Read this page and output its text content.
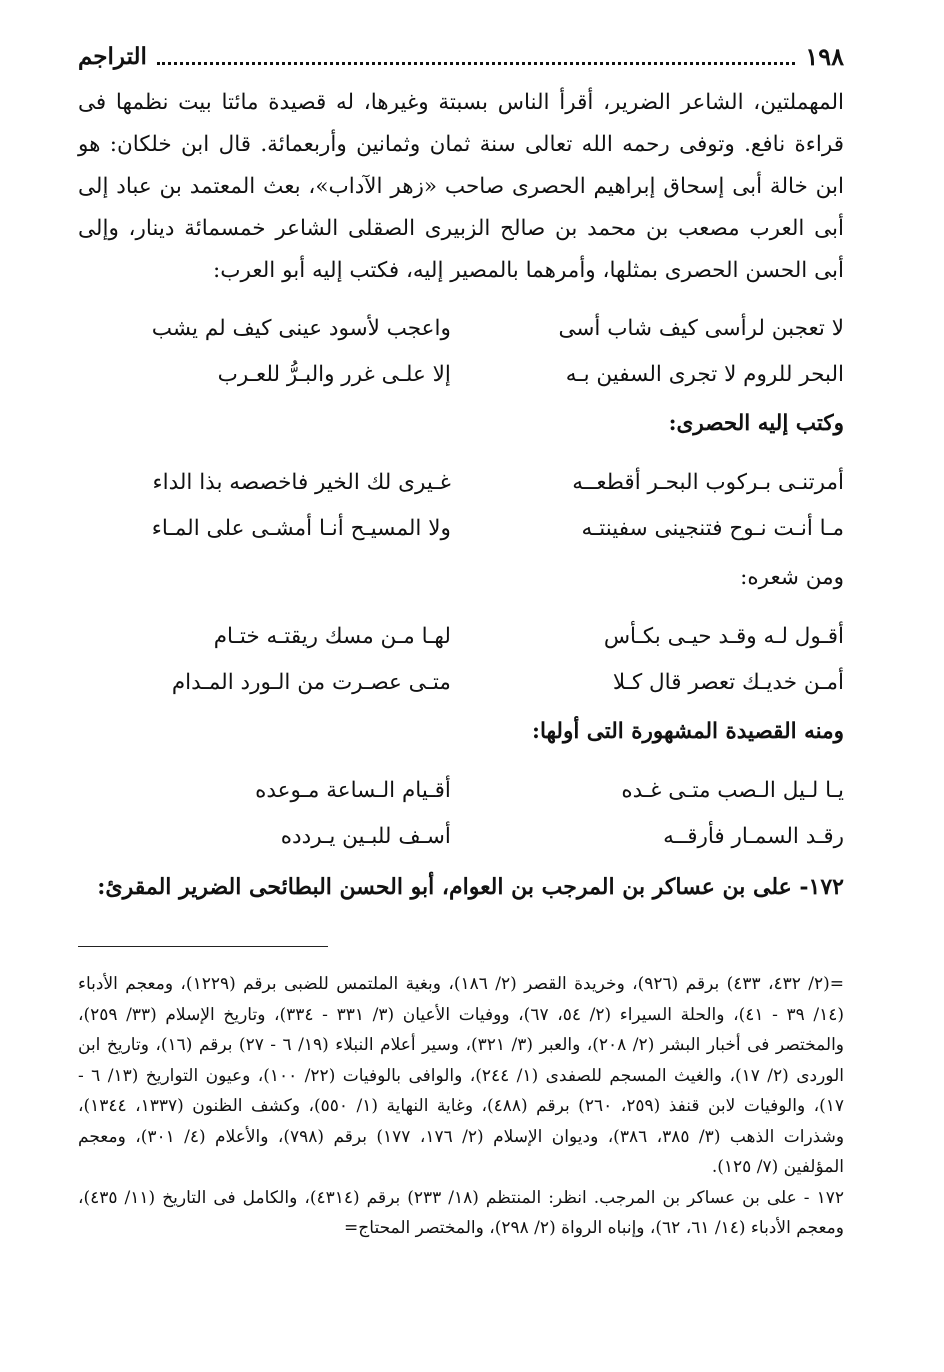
١٩٨
التراجم

المهملتين، الشاعر الضرير، أقرأ الناس بسبتة وغيرها، له قصيدة مائتا بيت نظمها فى قراءة نافع. وتوفى رحمه الله تعالى سنة ثمان وثمانين وأربعمائة. قال ابن خلكان: هو ابن خالة أبى إسحاق إبراهيم الحصرى صاحب «زهر الآداب»، بعث المعتمد بن عباد إلى أبى العرب مصعب بن محمد بن صالح الزبيرى الصقلى الشاعر خمسمائة دينار، وإلى أبى الحسن الحصرى بمثلها، وأمرهما بالمصير إليه، فكتب إليه أبو العرب:

لا تعجبن لرأسى كيف شاب أسى
واعجب لأسود عينى كيف لم يشب
البحر للروم لا تجرى السفين بـه
إلا علـى غرر والبـرُّ للعـرب
وكتب إليه الحصرى:
أمرتنـى بـركوب البحـر أقطعــه
غـيرى لك الخير فاخصصه بذا الداء
مـا أنـت نـوح فتنجينى سفينتـه
ولا المسيـح أنـا أمشـى على المـاء
ومن شعره:
أقـول لـه وقـد حيـى بكـأس
لهـا مـن مسك ريقتـه ختـام
أمـن خديـك تعصر قال كـلا
متـى عصـرت من الـورد المـدام
ومنه القصيدة المشهورة التى أولها:
يـا لـيل الـصب متـى غـده
أقـيام الـساعة مـوعده
رقـد السمـار فأرقــه
أسـف للبـين يـردده
١٧٢- على بن عساكر بن المرجب بن العوام، أبو الحسن البطائحى الضرير المقرئ:

=(٢/ ٤٣٢، ٤٣٣) برقم (٩٢٦)، وخريدة القصر (٢/ ١٨٦)، وبغية الملتمس للضبى برقم (١٢٢٩)، ومعجم الأدباء (١٤/ ٣٩ - ٤١)، والحلة السيراء (٢/ ٥٤، ٦٧)، ووفيات الأعيان (٣/ ٣٣١ - ٣٣٤)، وتاريخ الإسلام (٣٣/ ٢٥٩)، والمختصر فى أخبار البشر (٢/ ٢٠٨)، والعبر (٣/ ٣٢١)، وسير أعلام النبلاء (١٩/ ٦ - ٢٧) برقم (١٦)، وتاريخ ابن الوردى (٢/ ١٧)، والغيث المسجم للصفدى (١/ ٢٤٤)، والوافى بالوفيات (٢٢/ ١٠٠)، وعيون التواريخ (١٣/ ٦ - ١٧)، والوفيات لابن قنفذ (٢٥٩، ٢٦٠) برقم (٤٨٨)، وغاية النهاية (١/ ٥٥٠)، وكشف الظنون (١٣٣٧، ١٣٤٤)، وشذرات الذهب (٣/ ٣٨٥، ٣٨٦)، وديوان الإسلام (٢/ ١٧٦، ١٧٧) برقم (٧٩٨)، والأعلام (٤/ ٣٠١)، ومعجم المؤلفين (٧/ ١٢٥).

١٧٢ - على بن عساكر بن المرجب. انظر: المنتظم (١٨/ ٢٣٣) برقم (٤٣١٤)، والكامل فى التاريخ (١١/ ٤٣٥)، ومعجم الأدباء (١٤/ ٦١، ٦٢)، وإنباه الرواة (٢/ ٢٩٨)، والمختصر المحتاج=
